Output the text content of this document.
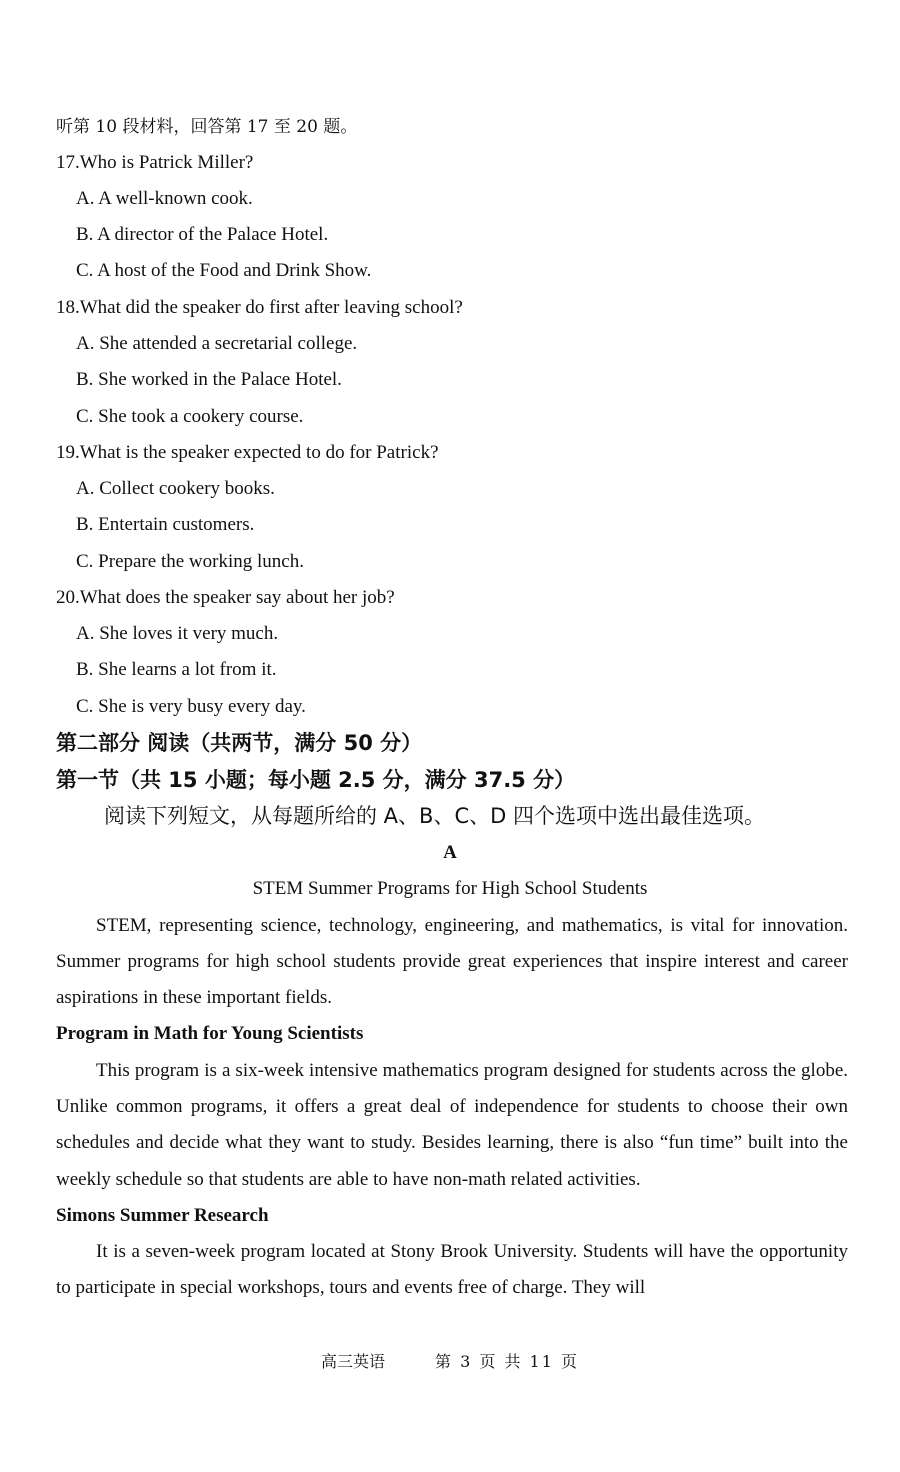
听第 10 段材料，回答第 17 至 20 题。
17.Who is Patrick Miller?
A. A well-known cook.
B. A director of the Palace Hotel.
C. A host of the Food and Drink Show.
18.What did the speaker do first after leaving school?
A. She attended a secretarial college.
B. She worked in the Palace Hotel.
C. She took a cookery course.
19.What is the speaker expected to do for Patrick?
A. Collect cookery books.
B. Entertain customers.
C. Prepare the working lunch.
20.What does the speaker say about her job?
A. She loves it very much.
B. She learns a lot from it.
C. She is very busy every day.
第二部分 阅读（共两节，满分 50 分）
第一节（共 15 小题；每小题 2.5 分，满分 37.5 分）
阅读下列短文，从每题所给的 A、B、C、D 四个选项中选出最佳选项。
A
STEM Summer Programs for High School Students
STEM, representing science, technology, engineering, and mathematics, is vital for innovation. Summer programs for high school students provide great experiences that inspire interest and career aspirations in these important fields.
Program in Math for Young Scientists
This program is a six-week intensive mathematics program designed for students across the globe. Unlike common programs, it offers a great deal of independence for students to choose their own schedules and decide what they want to study. Besides learning, there is also “fun time” built into the weekly schedule so that students are able to have non-math related activities.
Simons Summer Research
It is a seven-week program located at Stony Brook University. Students will have the opportunity to participate in special workshops, tours and events free of charge. They will
高三英语	第 3 页 共 11 页
